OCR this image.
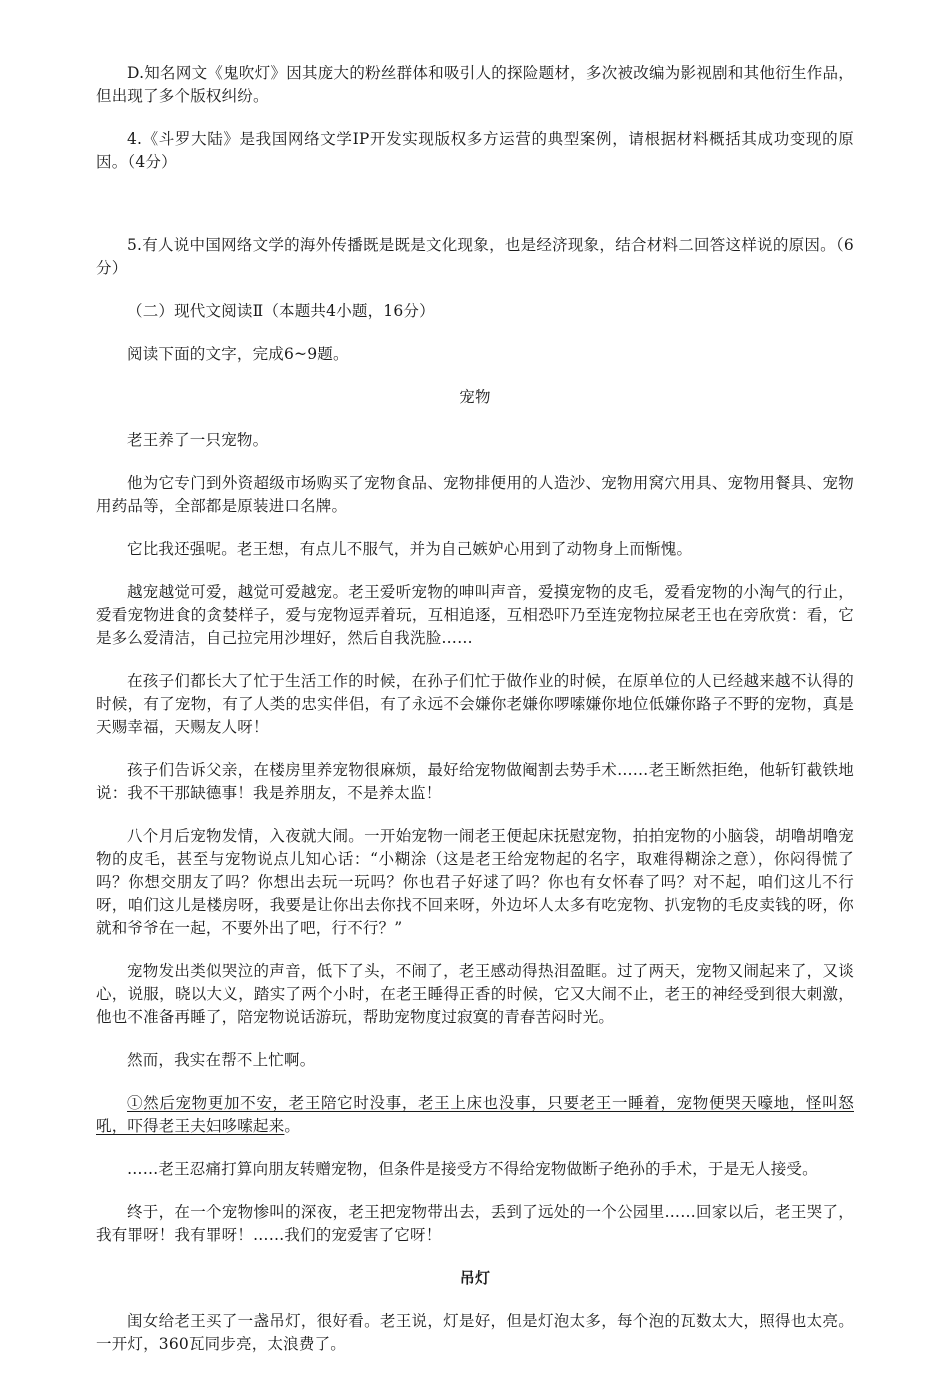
D.知名网文《鬼吹灯》因其庞大的粉丝群体和吸引人的探险题材，多次被改编为影视剧和其他衍生作品，但出现了多个版权纠纷。

4.《斗罗大陆》是我国网络文学IP开发实现版权多方运营的典型案例，请根据材料概括其成功变现的原因。（4分）

5.有人说中国网络文学的海外传播既是既是文化现象，也是经济现象，结合材料二回答这样说的原因。（6分）

（二）现代文阅读Ⅱ（本题共4小题，16分）

阅读下面的文字，完成6~9题。

宠物

老王养了一只宠物。

他为它专门到外资超级市场购买了宠物食品、宠物排便用的人造沙、宠物用窝穴用具、宠物用餐具、宠物用药品等，全部都是原装进口名牌。

它比我还强呢。老王想，有点儿不服气，并为自己嫉妒心用到了动物身上而惭愧。

越宠越觉可爱，越觉可爱越宠。老王爱听宠物的呻叫声音，爱摸宠物的皮毛，爱看宠物的小淘气的行止，爱看宠物进食的贪婪样子，爱与宠物逗弄着玩，互相追逐，互相恐吓乃至连宠物拉屎老王也在旁欣赏：看，它是多么爱清洁，自己拉完用沙埋好，然后自我洗脸……

在孩子们都长大了忙于生活工作的时候，在孙子们忙于做作业的时候，在原单位的人已经越来越不认得的时候，有了宠物，有了人类的忠实伴侣，有了永远不会嫌你老嫌你啰嗦嫌你地位低嫌你路子不野的宠物，真是天赐幸福，天赐友人呀！

孩子们告诉父亲，在楼房里养宠物很麻烦，最好给宠物做阉割去势手术……老王断然拒绝，他斩钉截铁地说：我不干那缺德事！我是养朋友，不是养太监！

八个月后宠物发情，入夜就大闹。一开始宠物一闹老王便起床抚慰宠物，拍拍宠物的小脑袋，胡噜胡噜宠物的皮毛，甚至与宠物说点儿知心话：“小糊涂（这是老王给宠物起的名字，取难得糊涂之意），你闷得慌了吗？你想交朋友了吗？你想出去玩一玩吗？你也君子好逑了吗？你也有女怀春了吗？对不起，咱们这儿不行呀，咱们这儿是楼房呀，我要是让你出去你找不回来呀，外边坏人太多有吃宠物、扒宠物的毛皮卖钱的呀，你就和爷爷在一起，不要外出了吧，行不行？”

宠物发出类似哭泣的声音，低下了头，不闹了，老王感动得热泪盈眶。过了两天，宠物又闹起来了，又谈心，说服，晓以大义，踏实了两个小时，在老王睡得正香的时候，它又大闹不止，老王的神经受到很大刺激，他也不准备再睡了，陪宠物说话游玩，帮助宠物度过寂寞的青春苦闷时光。

然而，我实在帮不上忙啊。

①然后宠物更加不安，老王陪它时没事，老王上床也没事，只要老王一睡着，宠物便哭天嚎地，怪叫怒吼，吓得老王夫妇哆嗦起来。

……老王忍痛打算向朋友转赠宠物，但条件是接受方不得给宠物做断子绝孙的手术，于是无人接受。

终于，在一个宠物惨叫的深夜，老王把宠物带出去，丢到了远处的一个公园里……回家以后，老王哭了，我有罪呀！我有罪呀！……我们的宠爱害了它呀！

吊灯

闺女给老王买了一盏吊灯，很好看。老王说，灯是好，但是灯泡太多，每个泡的瓦数太大，照得也太亮。一开灯，360瓦同步亮，太浪费了。
